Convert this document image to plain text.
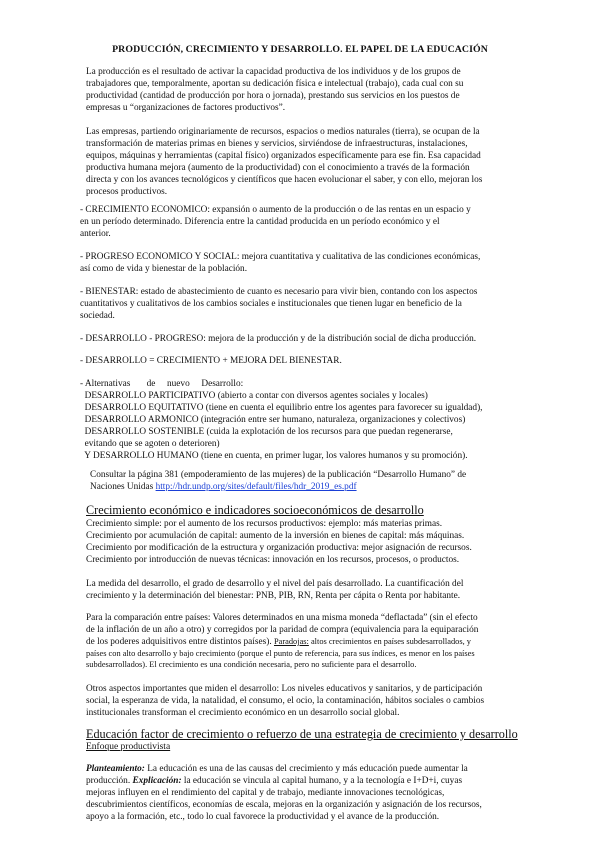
PRODUCCIÓN, CRECIMIENTO Y DESARROLLO. EL PAPEL DE LA EDUCACIÓN
La producción es el resultado de activar la capacidad productiva de los individuos y de los grupos de
trabajadores que, temporalmente, aportan su dedicación física e intelectual (trabajo), cada cual con su
productividad (cantidad de producción por hora o jornada), prestando sus servicios en los puestos de
empresas u “organizaciones de factores productivos”.
Las empresas, partiendo originariamente de recursos, espacios o medios naturales (tierra), se ocupan de la
transformación de materias primas en bienes y servicios, sirviéndose de infraestructuras, instalaciones,
equipos, máquinas y herramientas (capital físico) organizados específicamente para ese fin. Esa capacidad
productiva humana mejora (aumento de la productividad) con el conocimiento a través de la formación
directa y con los avances tecnológicos y científicos que hacen evolucionar el saber, y con ello, mejoran los
procesos productivos.
- CRECIMIENTO ECONOMICO: expansión o aumento de la producción o de las rentas en un espacio y
en un período determinado. Diferencia entre la cantidad producida en un período económico y el
anterior.
- PROGRESO ECONOMICO Y SOCIAL: mejora cuantitativa y cualitativa de las condiciones económicas,
así como de vida y bienestar de la población.
- BIENESTAR: estado de abastecimiento de cuanto es necesario para vivir bien, contando con los aspectos
cuantitativos y cualitativos de los cambios sociales e institucionales que tienen lugar en beneficio de la
sociedad.
- DESARROLLO - PROGRESO: mejora de la producción y de la distribución social de dicha producción.
- DESARROLLO = CRECIMIENTO + MEJORA DEL BIENESTAR.
- Alternativas       de     nuevo     Desarrollo:
DESARROLLO PARTICIPATIVO (abierto a contar con diversos agentes sociales y locales)
DESARROLLO EQUITATIVO (tiene en cuenta el equilibrio entre los agentes para favorecer su igualdad),
DESARROLLO ARMONICO (integración entre ser humano, naturaleza, organizaciones y colectivos)
DESARROLLO SOSTENIBLE (cuida la explotación de los recursos para que puedan regenerarse,
evitando que se agoten o deterioren)
Y DESARROLLO HUMANO (tiene en cuenta, en primer lugar, los valores humanos y su promoción).
Consultar la página 381 (empoderamiento de las mujeres) de la publicación “Desarrollo Humano” de
Naciones Unidas http://hdr.undp.org/sites/default/files/hdr_2019_es.pdf
Crecimiento económico e indicadores socioeconómicos de desarrollo
Crecimiento simple: por el aumento de los recursos productivos: ejemplo: más materias primas.
Crecimiento por acumulación de capital: aumento de la inversión en bienes de capital: más máquinas.
Crecimiento por modificación de la estructura y organización productiva: mejor asignación de recursos.
Crecimiento por introducción de nuevas técnicas: innovación en los recursos, procesos, o productos.
La medida del desarrollo, el grado de desarrollo y el nivel del país desarrollado. La cuantificación del
crecimiento y la determinación del bienestar: PNB, PIB, RN, Renta per cápita o Renta por habitante.
Para la comparación entre países: Valores determinados en una misma moneda “deflactada” (sin el efecto
de la inflación de un año a otro) y corregidos por la paridad de compra (equivalencia para la equiparación
de los poderes adquisitivos entre distintos países). Paradojas: altos crecimientos en países subdesarrollados, y
países con alto desarrollo y bajo crecimiento (porque el punto de referencia, para sus índices, es menor en los países
subdesarrollados). El crecimiento es una condición necesaria, pero no suficiente para el desarrollo.
Otros aspectos importantes que miden el desarrollo: Los niveles educativos y sanitarios, y de participación
social, la esperanza de vida, la natalidad, el consumo, el ocio, la contaminación, hábitos sociales o cambios
institucionales transforman el crecimiento económico en un desarrollo social global.
Educación factor de crecimiento o refuerzo de una estrategia de crecimiento y desarrollo
Enfoque productivista
Planteamiento: La educación es una de las causas del crecimiento y más educación puede aumentar la
producción. Explicación: la educación se vincula al capital humano, y a la tecnología e I+D+i, cuyas
mejoras influyen en el rendimiento del capital y de trabajo, mediante innovaciones tecnológicas,
descubrimientos científicos, economías de escala, mejoras en la organización y asignación de los recursos,
apoyo a la formación, etc., todo lo cual favorece la productividad y el avance de la producción.
